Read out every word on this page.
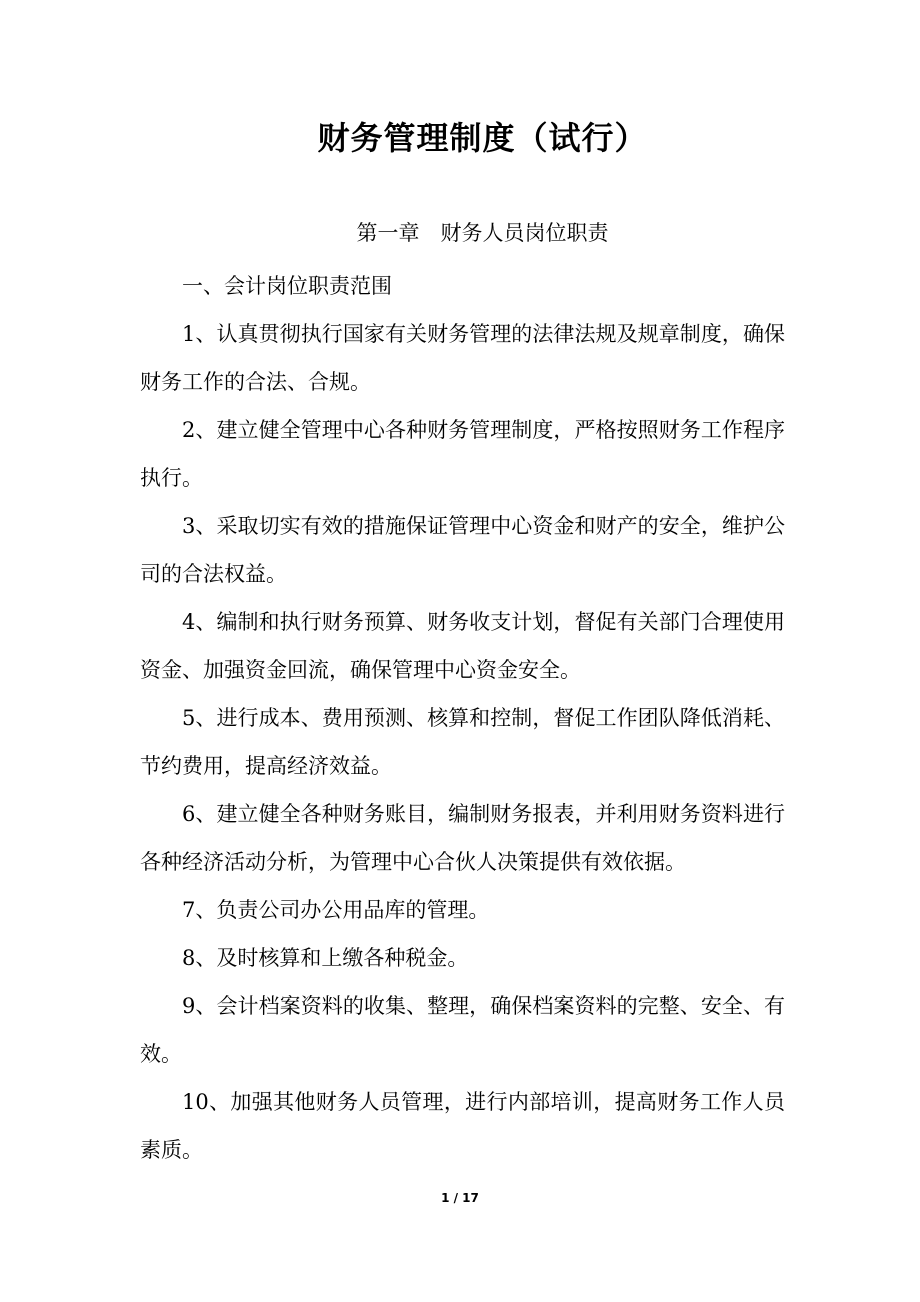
财务管理制度（试行）
第一章　财务人员岗位职责

一、会计岗位职责范围

1、认真贯彻执行国家有关财务管理的法律法规及规章制度，确保财务工作的合法、合规。
2、建立健全管理中心各种财务管理制度，严格按照财务工作程序执行。
3、采取切实有效的措施保证管理中心资金和财产的安全，维护公司的合法权益。
4、编制和执行财务预算、财务收支计划，督促有关部门合理使用资金、加强资金回流，确保管理中心资金安全。
5、进行成本、费用预测、核算和控制，督促工作团队降低消耗、节约费用，提高经济效益。
6、建立健全各种财务账目，编制财务报表，并利用财务资料进行各种经济活动分析，为管理中心合伙人决策提供有效依据。
7、负责公司办公用品库的管理。
8、及时核算和上缴各种税金。
9、会计档案资料的收集、整理，确保档案资料的完整、安全、有效。
10、加强其他财务人员管理，进行内部培训，提高财务工作人员素质。
1 / 17
